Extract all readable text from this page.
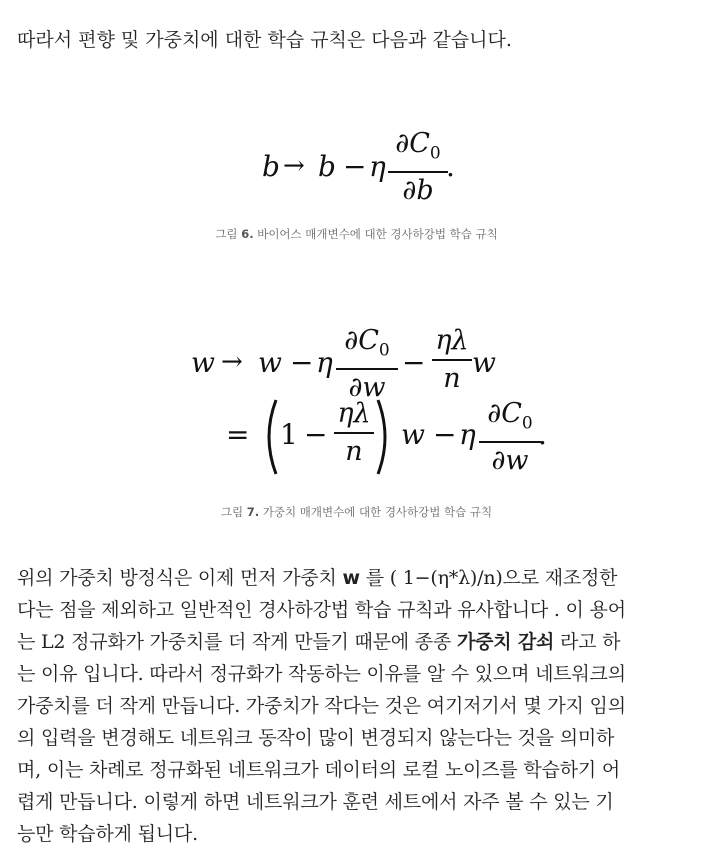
따라서 편향 및 가중치에 대한 학습 규칙은 다음과 같습니다.

b → b − η
$\partial C_0$
∂b
.

그림 6. 바이어스 매개변수에 대한 경사하강법 학습 규칙

w → w − η
$\partial C_0$
∂w
−
ηλ
n w
= 1 −
ηλ
n
w − η
$\partial C_0$
∂w
.

그림 7. 가중치 매개변수에 대한 경사하강법 학습 규칙

위의 가중치 방정식은 이제 먼저 가중치 w 를 ( 1−(η*λ)/n)으로 재조정한
다는 점을 제외하고 일반적인 경사하강법 학습 규칙과 유사합니다 . 이 용어
는 L2 정규화가 가중치를 더 작게 만들기 때문에 종종 가중치 감쇠 라고 하
는 이유 입니다. 따라서 정규화가 작동하는 이유를 알 수 있으며 네트워크의
가중치를 더 작게 만듭니다. 가중치가 작다는 것은 여기저기서 몇 가지 임의
의 입력을 변경해도 네트워크 동작이 많이 변경되지 않는다는 것을 의미하
며, 이는 차례로 정규화된 네트워크가 데이터의 로컬 노이즈를 학습하기 어
렵게 만듭니다. 이렇게 하면 네트워크가 훈련 세트에서 자주 볼 수 있는 기
능만 학습하게 됩니다.
